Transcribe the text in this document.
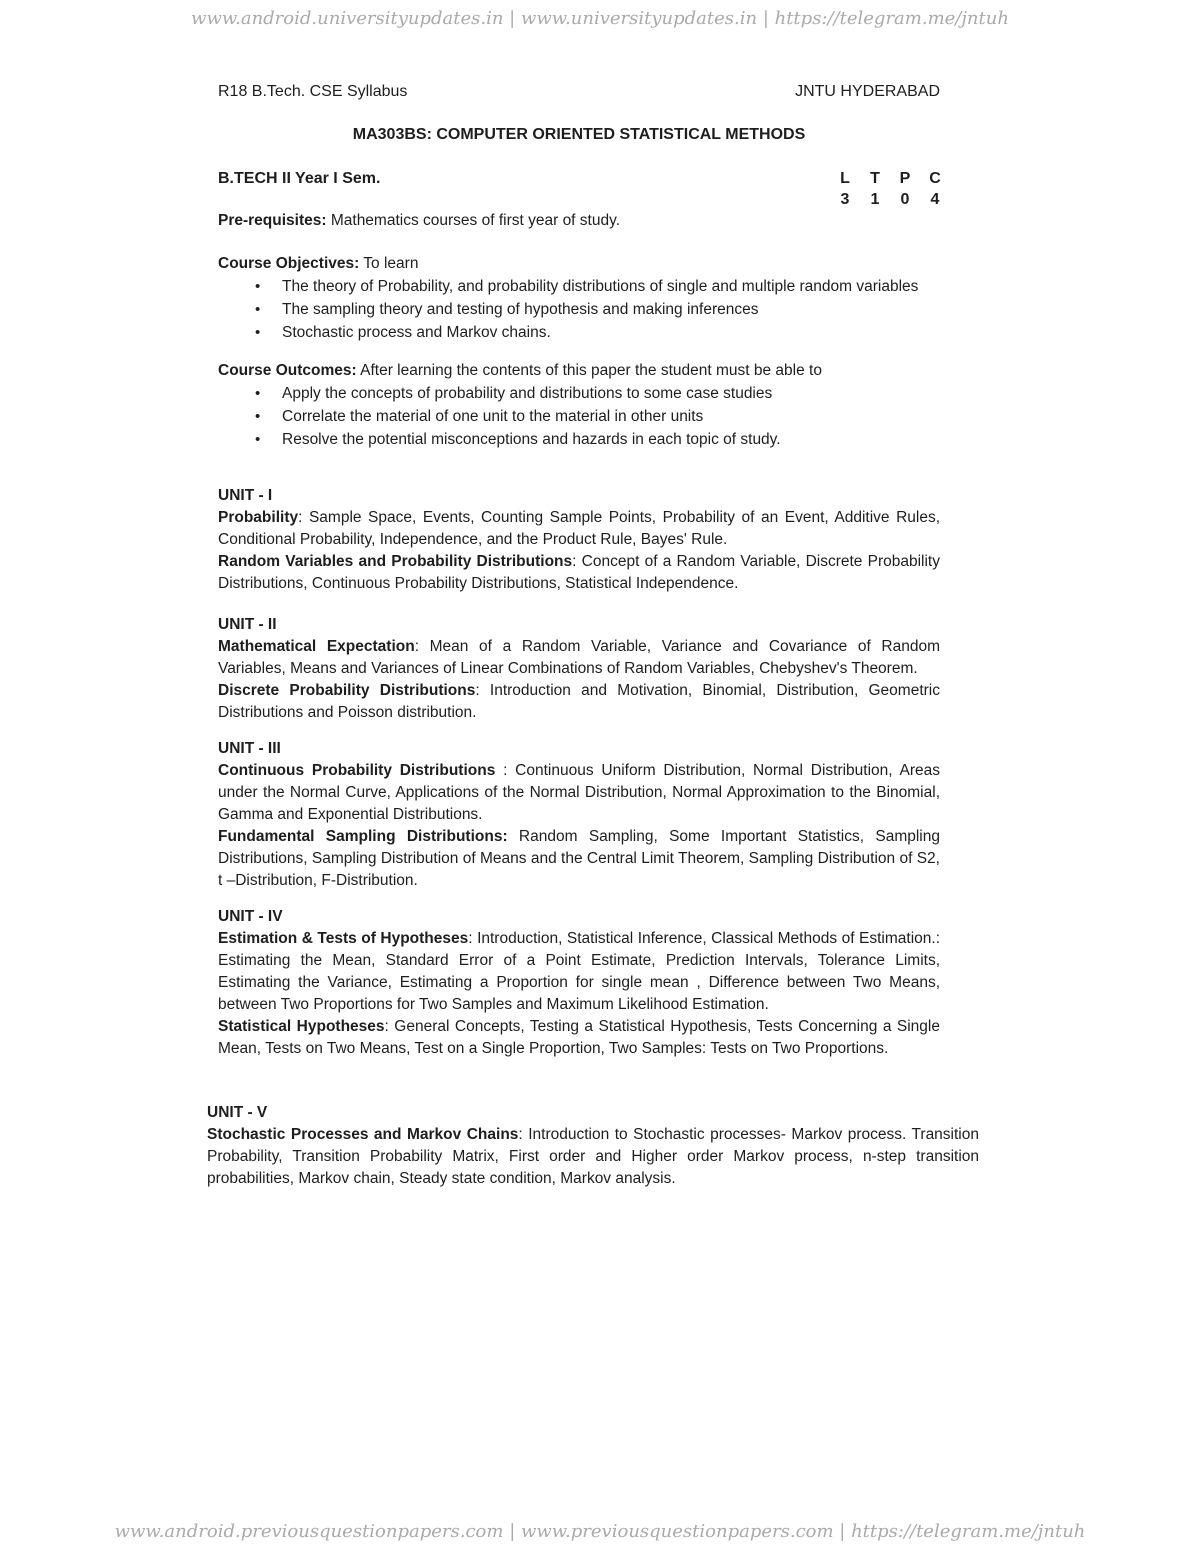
www.android.universityupdates.in | www.universityupdates.in | https://telegram.me/jntuh
R18 B.Tech. CSE Syllabus	JNTU HYDERABAD
MA303BS: COMPUTER ORIENTED STATISTICAL METHODS
B.TECH II Year I Sem.	L T P C
3 1 0 4
Pre-requisites: Mathematics courses of first year of study.
Course Objectives: To learn
•	The theory of Probability, and probability distributions of single and multiple random variables
•	The sampling theory and testing of hypothesis and making inferences
•	Stochastic process and Markov chains.
Course Outcomes: After learning the contents of this paper the student must be able to
•	Apply the concepts of probability and distributions to some case studies
•	Correlate the material of one unit to the material in other units
•	Resolve the potential misconceptions and hazards in each topic of study.
UNIT - I

Probability: Sample Space, Events, Counting Sample Points, Probability of an Event, Additive Rules, Conditional Probability, Independence, and the Product Rule, Bayes' Rule.

Random Variables and Probability Distributions: Concept of a Random Variable, Discrete Probability Distributions, Continuous Probability Distributions, Statistical Independence.

UNIT - II

Mathematical Expectation: Mean of a Random Variable, Variance and Covariance of Random Variables, Means and Variances of Linear Combinations of Random Variables, Chebyshev's Theorem.

Discrete Probability Distributions: Introduction and Motivation, Binomial, Distribution, Geometric Distributions and Poisson distribution.

UNIT - III

Continuous Probability Distributions : Continuous Uniform Distribution, Normal Distribution, Areas under the Normal Curve, Applications of the Normal Distribution, Normal Approximation to the Binomial, Gamma and Exponential Distributions.

Fundamental Sampling Distributions: Random Sampling, Some Important Statistics, Sampling Distributions, Sampling Distribution of Means and the Central Limit Theorem, Sampling Distribution of S2, t –Distribution, F-Distribution.

UNIT - IV

Estimation & Tests of Hypotheses: Introduction, Statistical Inference, Classical Methods of Estimation.: Estimating the Mean, Standard Error of a Point Estimate, Prediction Intervals, Tolerance Limits, Estimating the Variance, Estimating a Proportion for single mean , Difference between Two Means, between Two Proportions for Two Samples and Maximum Likelihood Estimation.

Statistical Hypotheses: General Concepts, Testing a Statistical Hypothesis, Tests Concerning a Single Mean, Tests on Two Means, Test on a Single Proportion, Two Samples: Tests on Two Proportions.

UNIT - V

Stochastic Processes and Markov Chains: Introduction to Stochastic processes- Markov process. Transition Probability, Transition Probability Matrix, First order and Higher order Markov process, n-step transition probabilities, Markov chain, Steady state condition, Markov analysis.

www.android.previousquestionpapers.com | www.previousquestionpapers.com | https://telegram.me/jntuh
